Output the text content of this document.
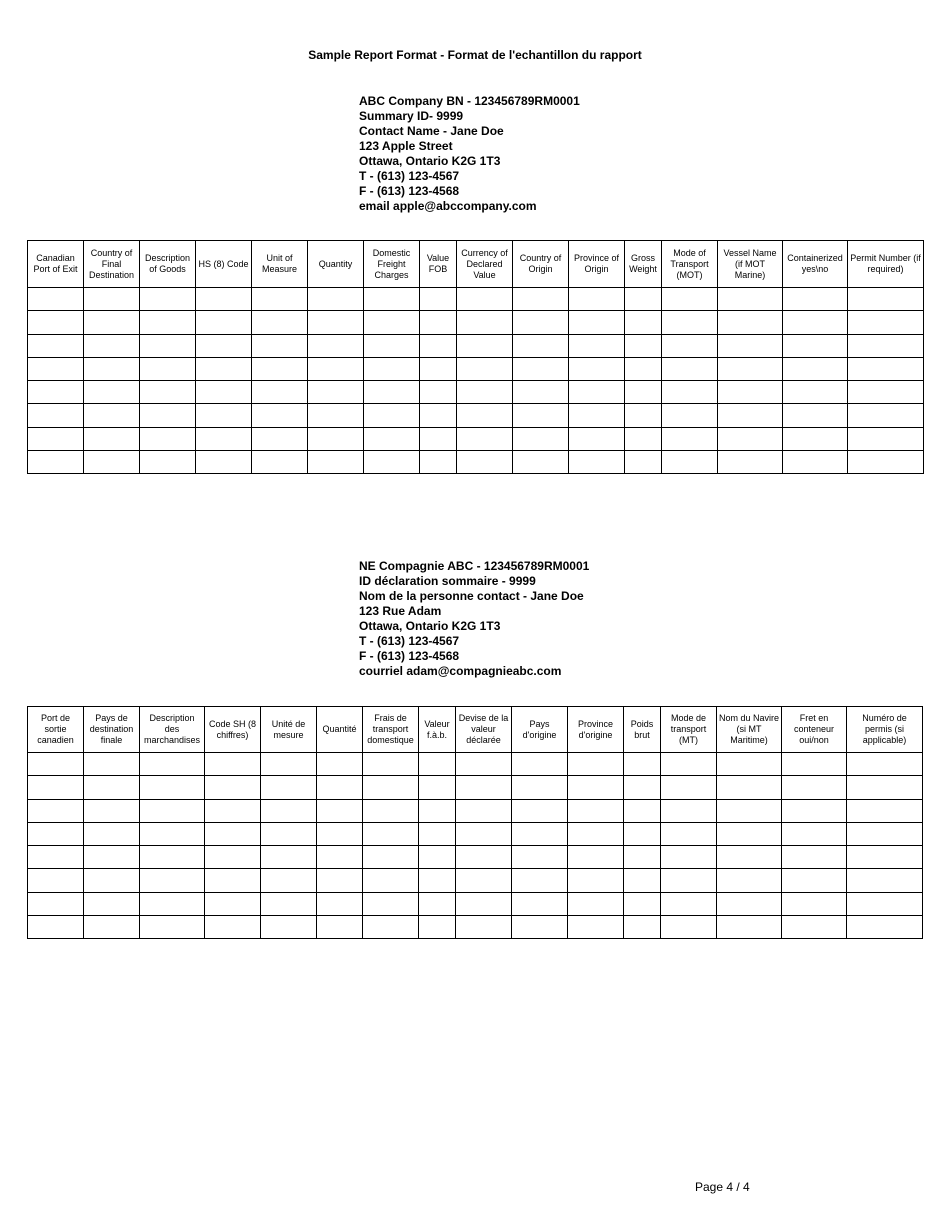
Sample Report Format - Format de l'echantillon du rapport
ABC Company BN - 123456789RM0001
Summary ID- 9999
Contact Name - Jane Doe
123 Apple Street
Ottawa, Ontario K2G 1T3
T - (613) 123-4567
F - (613) 123-4568
email apple@abccompany.com
Canadian Port of Exit	Country of Final Destination	Description of Goods	HS (8) Code	Unit of Measure	Quantity	Domestic Freight Charges	Value FOB	Currency of Declared Value	Country of Origin	Province of Origin	Gross Weight	Mode of Transport (MOT)	Vessel Name (if MOT Marine)	Containerized yes\no	Permit Number (if required)

NE Compagnie ABC - 123456789RM0001
ID déclaration sommaire - 9999
Nom de la personne contact - Jane Doe
123 Rue Adam
Ottawa, Ontario K2G 1T3
T - (613) 123-4567
F - (613) 123-4568
courriel adam@compagnieabc.com
Port de sortie canadien	Pays de destination finale	Description des marchandises	Code SH (8 chiffres)	Unité de mesure	Quantité	Frais de transport domestique	Valeur f.à.b.	Devise de la valeur déclarée	Pays d'origine	Province d'origine	Poids brut	Mode de transport (MT)	Nom du Navire (si MT Maritime)	Fret en conteneur oui/non	Numéro de permis (si applicable)

Page 4 / 4
